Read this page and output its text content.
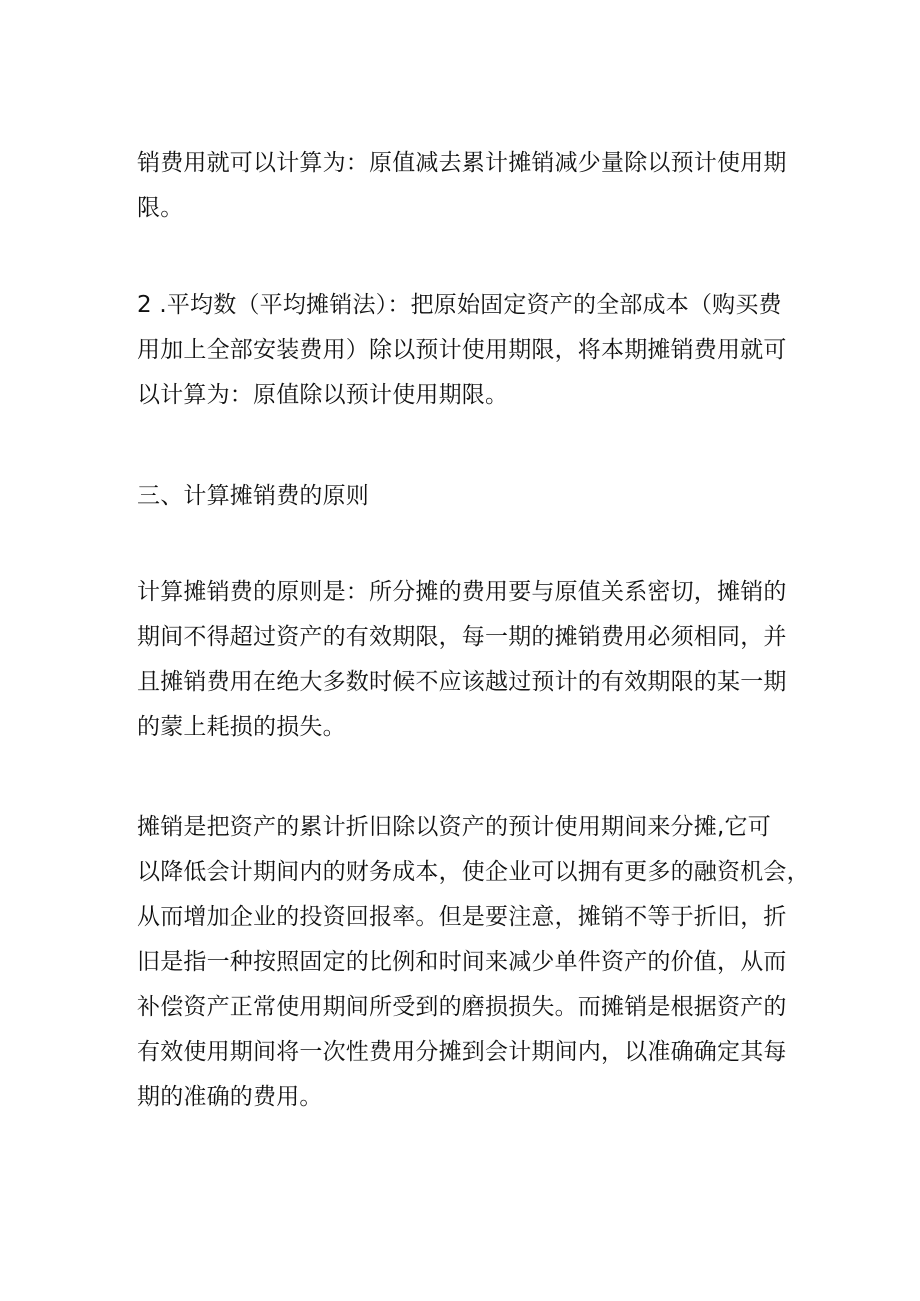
销费用就可以计算为：原值减去累计摊销减少量除以预计使用期
限。

2 .平均数（平均摊销法）：把原始固定资产的全部成本（购买费
用加上全部安装费用）除以预计使用期限，将本期摊销费用就可
以计算为：原值除以预计使用期限。

三、计算摊销费的原则

计算摊销费的原则是：所分摊的费用要与原值关系密切，摊销的
期间不得超过资产的有效期限，每一期的摊销费用必须相同，并
且摊销费用在绝大多数时候不应该越过预计的有效期限的某一期
的蒙上耗损的损失。

摊销是把资产的累计折旧除以资产的预计使用期间来分摊,它可
以降低会计期间内的财务成本，使企业可以拥有更多的融资机会，
从而增加企业的投资回报率。但是要注意，摊销不等于折旧，折
旧是指一种按照固定的比例和时间来减少单件资产的价值，从而
补偿资产正常使用期间所受到的磨损损失。而摊销是根据资产的
有效使用期间将一次性费用分摊到会计期间内，以准确确定其每
期的准确的费用。
